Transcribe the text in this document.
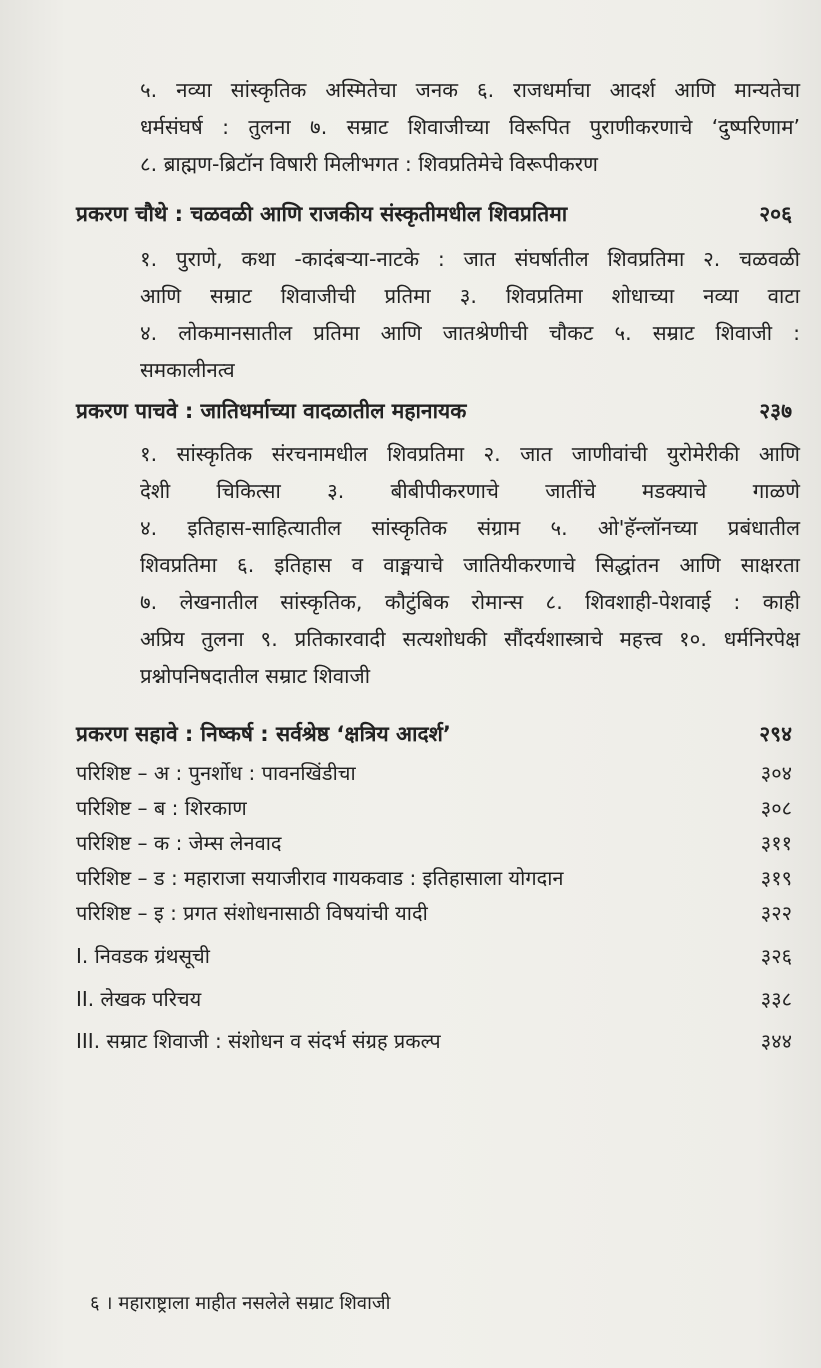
५. नव्या सांस्कृतिक अस्मितेचा जनक ६. राजधर्माचा आदर्श आणि मान्यतेचा
धर्मसंघर्ष : तुलना ७. सम्राट शिवाजीच्या विरूपित पुराणीकरणाचे ‘दुष्परिणाम’
८. ब्राह्मण-ब्रिटॉन विषारी मिलीभगत : शिवप्रतिमेचे विरूपीकरण
प्रकरण चौथे : चळवळी आणि राजकीय संस्कृतीमधील शिवप्रतिमा	२०६
१. पुराणे, कथा -कादंबऱ्या-नाटके : जात संघर्षातील शिवप्रतिमा २. चळवळी
आणि सम्राट शिवाजीची प्रतिमा ३. शिवप्रतिमा शोधाच्या नव्या वाटा
४. लोकमानसातील प्रतिमा आणि जातश्रेणीची चौकट ५. सम्राट शिवाजी :
समकालीनत्व
प्रकरण पाचवे : जातिधर्माच्या वादळातील महानायक	२३७
१. सांस्कृतिक संरचनामधील शिवप्रतिमा २. जात जाणीवांची युरोमेरीकी आणि
देशी चिकित्सा ३. बीबीपीकरणाचे जातींचे मडक्याचे गाळणे
४. इतिहास-साहित्यातील सांस्कृतिक संग्राम ५. ओ'हॅन्लॉनच्या प्रबंधातील
शिवप्रतिमा ६. इतिहास व वाङ्मयाचे जातियीकरणाचे सिद्धांतन आणि साक्षरता
७. लेखनातील सांस्कृतिक, कौटुंबिक रोमान्स ८. शिवशाही-पेशवाई : काही
अप्रिय तुलना ९. प्रतिकारवादी सत्यशोधकी सौंदर्यशास्त्राचे महत्त्व १०. धर्मनिरपेक्ष
प्रश्नोपनिषदातील सम्राट शिवाजी
प्रकरण सहावे : निष्कर्ष : सर्वश्रेष्ठ ‘क्षत्रिय आदर्श’	२९४
परिशिष्ट – अ : पुनर्शोध : पावनखिंडीचा	३०४
परिशिष्ट – ब : शिरकाण	३०८
परिशिष्ट – क : जेम्स लेनवाद	३११
परिशिष्ट – ड : महाराजा सयाजीराव गायकवाड : इतिहासाला योगदान	३१९
परिशिष्ट – इ : प्रगत संशोधनासाठी विषयांची यादी	३२२
I. निवडक ग्रंथसूची	३२६
II. लेखक परिचय	३३८
III. सम्राट शिवाजी : संशोधन व संदर्भ संग्रह प्रकल्प	३४४
६ । महाराष्ट्राला माहीत नसलेले सम्राट शिवाजी
